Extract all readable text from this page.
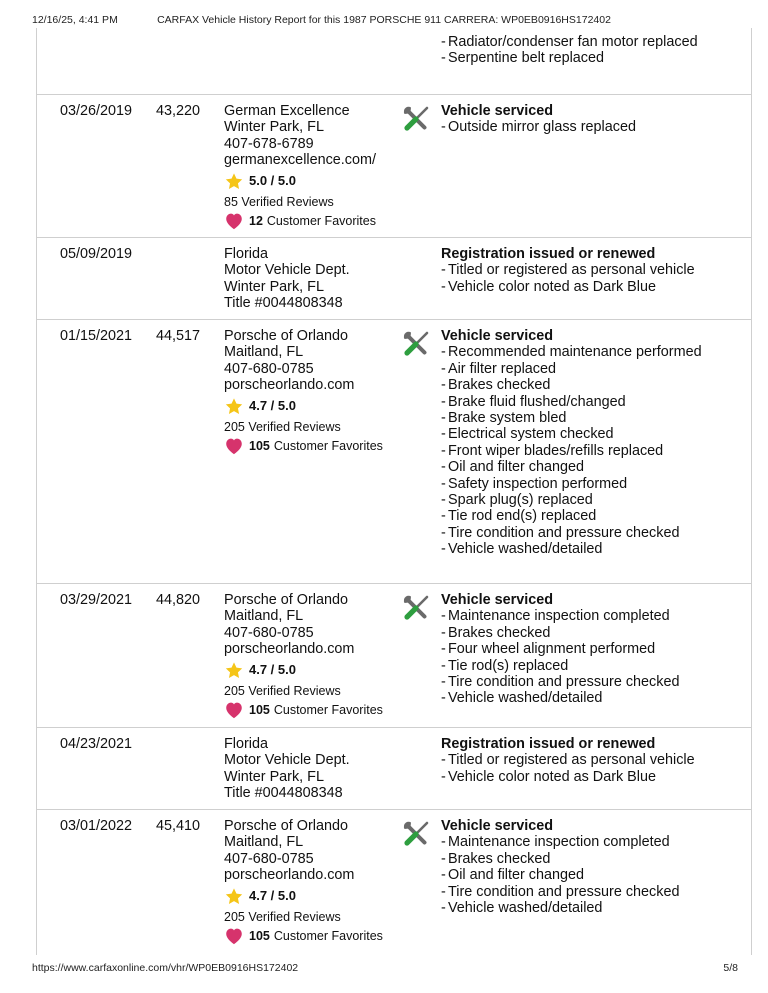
12/16/25, 4:41 PM	CARFAX Vehicle History Report for this 1987 PORSCHE 911 CARRERA: WP0EB0916HS172402
- Radiator/condenser fan motor replaced
- Serpentine belt replaced
03/26/2019 43,220 German Excellence
Winter Park, FL
407-678-6789
germanexcellence.com/
5.0 / 5.0
85 Verified Reviews
12 Customer Favorites
Vehicle serviced
- Outside mirror glass replaced
05/09/2019	Florida
Motor Vehicle Dept.
Winter Park, FL
Title #0044808348
Registration issued or renewed
- Titled or registered as personal vehicle
- Vehicle color noted as Dark Blue
01/15/2021 44,517 Porsche of Orlando
Maitland, FL
407-680-0785
porscheorlando.com
4.7 / 5.0
205 Verified Reviews
105 Customer Favorites
Vehicle serviced
- Recommended maintenance performed
- Air filter replaced
- Brakes checked
- Brake fluid flushed/changed
- Brake system bled
- Electrical system checked
- Front wiper blades/refills replaced
- Oil and filter changed
- Safety inspection performed
- Spark plug(s) replaced
- Tie rod end(s) replaced
- Tire condition and pressure checked
- Vehicle washed/detailed
03/29/2021 44,820 Porsche of Orlando
Maitland, FL
407-680-0785
porscheorlando.com
4.7 / 5.0
205 Verified Reviews
105 Customer Favorites
Vehicle serviced
- Maintenance inspection completed
- Brakes checked
- Four wheel alignment performed
- Tie rod(s) replaced
- Tire condition and pressure checked
- Vehicle washed/detailed
04/23/2021	Florida
Motor Vehicle Dept.
Winter Park, FL
Title #0044808348
Registration issued or renewed
- Titled or registered as personal vehicle
- Vehicle color noted as Dark Blue
03/01/2022 45,410 Porsche of Orlando
Maitland, FL
407-680-0785
porscheorlando.com
4.7 / 5.0
205 Verified Reviews
105 Customer Favorites
Vehicle serviced
- Maintenance inspection completed
- Brakes checked
- Oil and filter changed
- Tire condition and pressure checked
- Vehicle washed/detailed
https://www.carfaxonline.com/vhr/WP0EB0916HS172402	5/8
